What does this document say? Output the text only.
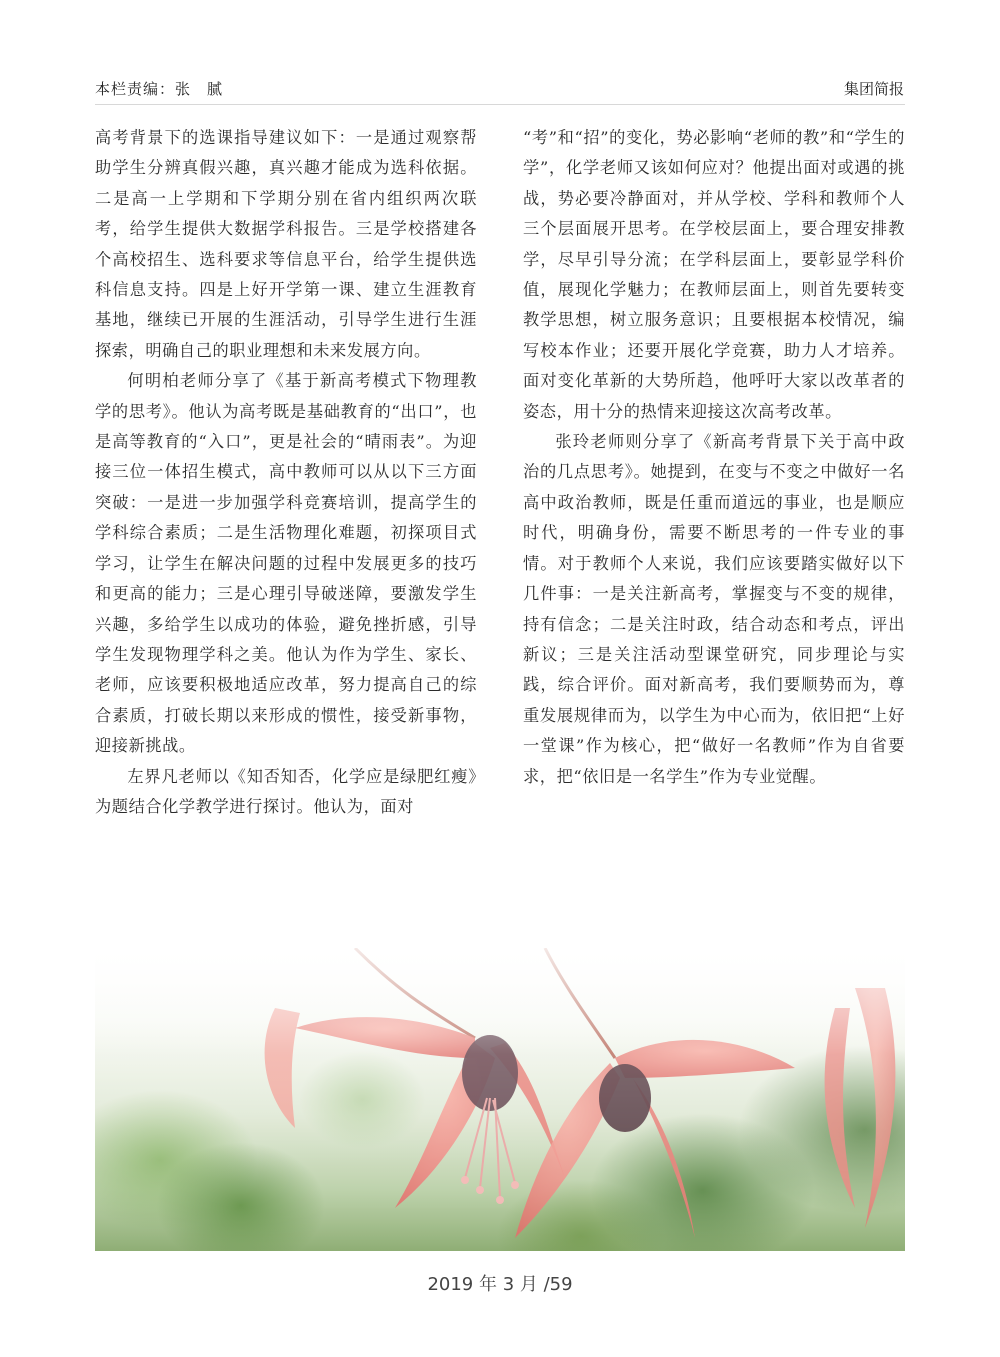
本栏责编：张　腻	集团简报

高考背景下的选课指导建议如下：一是通过观察帮助学生分辨真假兴趣，真兴趣才能成为选科依据。二是高一上学期和下学期分别在省内组织两次联考，给学生提供大数据学科报告。三是学校搭建各个高校招生、选科要求等信息平台，给学生提供选科信息支持。四是上好开学第一课、建立生涯教育基地，继续已开展的生涯活动，引导学生进行生涯探索，明确自己的职业理想和未来发展方向。

何明柏老师分享了《基于新高考模式下物理教学的思考》。他认为高考既是基础教育的“出口”，也是高等教育的“入口”，更是社会的“晴雨表”。为迎接三位一体招生模式，高中教师可以从以下三方面突破：一是进一步加强学科竞赛培训，提高学生的学科综合素质；二是生活物理化难题，初探项目式学习，让学生在解决问题的过程中发展更多的技巧和更高的能力；三是心理引导破迷障，要激发学生兴趣，多给学生以成功的体验，避免挫折感，引导学生发现物理学科之美。他认为作为学生、家长、老师，应该要积极地适应改革，努力提高自己的综合素质，打破长期以来形成的惯性，接受新事物，迎接新挑战。

左界凡老师以《知否知否，化学应是绿肥红瘦》为题结合化学教学进行探讨。他认为，面对

“考”和“招”的变化，势必影响“老师的教”和“学生的学”，化学老师又该如何应对？他提出面对或遇的挑战，势必要冷静面对，并从学校、学科和教师个人三个层面展开思考。在学校层面上，要合理安排教学，尽早引导分流；在学科层面上，要彰显学科价值，展现化学魅力；在教师层面上，则首先要转变教学思想，树立服务意识；且要根据本校情况，编写校本作业；还要开展化学竞赛，助力人才培养。面对变化革新的大势所趋，他呼吁大家以改革者的姿态，用十分的热情来迎接这次高考改革。

张玲老师则分享了《新高考背景下关于高中政治的几点思考》。她提到，在变与不变之中做好一名高中政治教师，既是任重而道远的事业，也是顺应时代，明确身份，需要不断思考的一件专业的事情。对于教师个人来说，我们应该要踏实做好以下几件事：一是关注新高考，掌握变与不变的规律，持有信念；二是关注时政，结合动态和考点，评出新议；三是关注活动型课堂研究，同步理论与实践，综合评价。面对新高考，我们要顺势而为，尊重发展规律而为，以学生为中心而为，依旧把“上好一堂课”作为核心，把“做好一名教师”作为自省要求，把“依旧是一名学生”作为专业觉醒。

2019 年 3 月 /59
